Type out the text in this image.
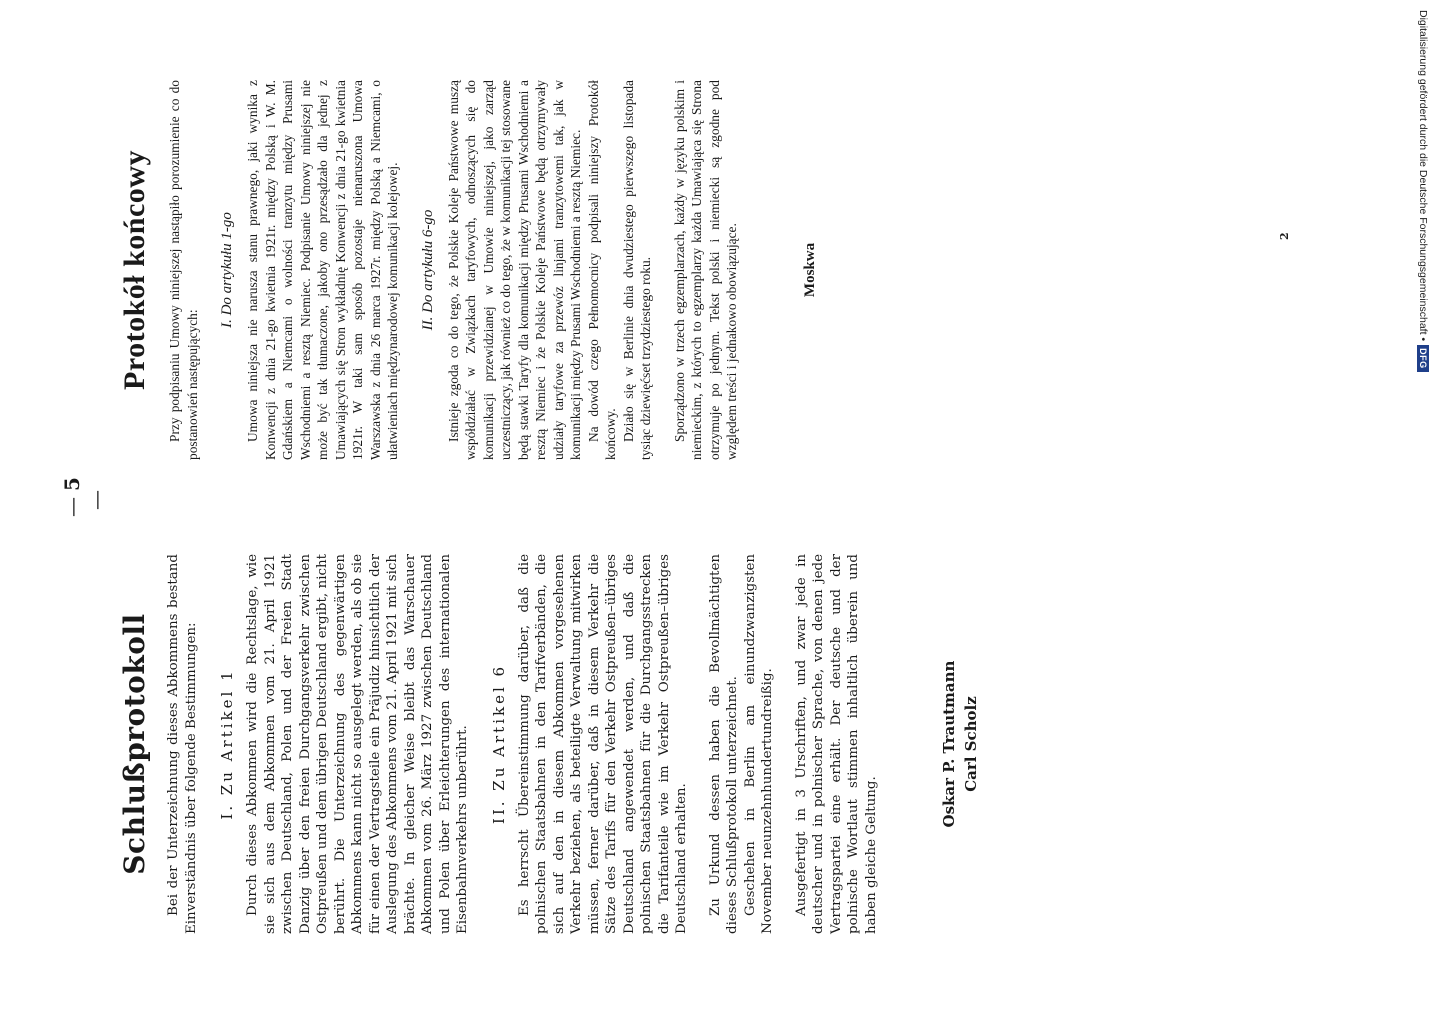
—5—
Schlußprotokoll Bei der Unterzeichnung dieses Abkommens bestand Einverständnis über folgende Bestimmungen: I. Zu Artikel 1 Durch dieses Abkommen wird die Rechtslage, wie sie sich aus dem Abkommen vom 21. April 1921 zwischen Deutschland, Polen und der Freien Stadt Danzig über den freien Durchgangsverkehr zwischen Ostpreußen und dem übrigen Deutschland ergibt, nicht berührt. Die Unterzeichnung des gegenwärtigen Abkommens kann nicht so ausgelegt werden, als ob sie für einen der Vertragsteile ein Präjudiz hinsichtlich der Auslegung des Abkommens vom 21. April 1921 mit sich brächte. In gleicher Weise bleibt das Warschauer Abkommen vom 26. März 1927 zwischen Deutschland und Polen über Erleichterungen des internationalen Eisenbahnverkehrs unberührt. II. Zu Artikel 6 Es herrscht Übereinstimmung darüber, daß die polnischen Staatsbahnen in den Tarifverbänden, die sich auf den in diesem Abkommen vorgesehenen Verkehr beziehen, als beteiligte Verwaltung mitwirken müssen, ferner darüber, daß in diesem Verkehr die Sätze des Tarifs für den Verkehr Ostpreußen–übriges Deutschland angewendet werden, und daß die polnischen Staatsbahnen für die Durchgangsstrecken die Tarifanteile wie im Verkehr Ostpreußen–übriges Deutschland erhalten. Zu Urkund dessen haben die Bevollmächtigten dieses Schlußprotokoll unterzeichnet. Geschehen in Berlin am einundzwanzigsten November neunzehnhundertundreißig. Ausgefertigt in 3 Urschriften, und zwar jede in deutscher und in polnischer Sprache, von denen jede Vertragspartei eine erhält. Der deutsche und der polnische Wortlaut stimmen inhaltlich überein und haben gleiche Geltung.

Oskar P. Trautmann Carl Scholz
Protokół końcowy Przy podpisaniu Umowy niniejszej nastąpiło porozumienie co do postanowień następujących:

I. Do artykułu 1-go Umowa niniejsza nie narusza stanu prawnego, jaki wynika z Konwencji z dnia 21-go kwietnia 1921r. między Polską i W. M. Gdańskiem a Niemcami o wolności tranzytu między Prusami Wschodniemi a resztą Niemiec. Podpisanie Umowy niniejszej nie może być tak tłumaczone, jakoby ono przesądzało dla jednej z Umawiających się Stron wykładnię Konwencji z dnia 21-go kwietnia 1921r. W taki sam sposób pozostaje nienaruszona Umowa Warszawska z dnia 26 marca 1927r. między Polską a Niemcami, o ułatwieniach międzynarodowej komunikacji kolejowej. II. Do artykułu 6-go Istnieje zgoda co do tego, że Polskie Koleje Państwowe muszą współdziałać w Związkach taryfowych, odnoszących się do komunikacji przewidzianej w Umowie niniejszej, jako zarząd uczestniczący, jak również co do tego, że w komunikacji tej stosowane będą stawki Taryfy dla komunikacji między Prusami Wschodniemi a resztą Niemiec i że Polskie Koleje Państwowe będą otrzymywały udziały taryfowe za przewóz linjami tranzytowemi tak, jak w komunikacji między Prusami Wschodniemi a resztą Niemiec. Na dowód czego Pełnomocnicy podpisali niniejszy Protokół końcowy. Działo się w Berlinie dnia dwudziestego pierwszego listopada tysiąc dziewięćset trzydziestego roku. Sporządzono w trzech egzemplarzach, każdy w języku polskim i niemieckim, z których to egzemplarzy każda Umawiająca się Strona otrzymuje po jednym. Tekst polski i niemiecki są zgodne pod względem treści i jednakowo obowiązujące.	Moskwa
2	Digitalisierung gefördert durch die Deutsche Forschungsgemeinschaft •
DFG
